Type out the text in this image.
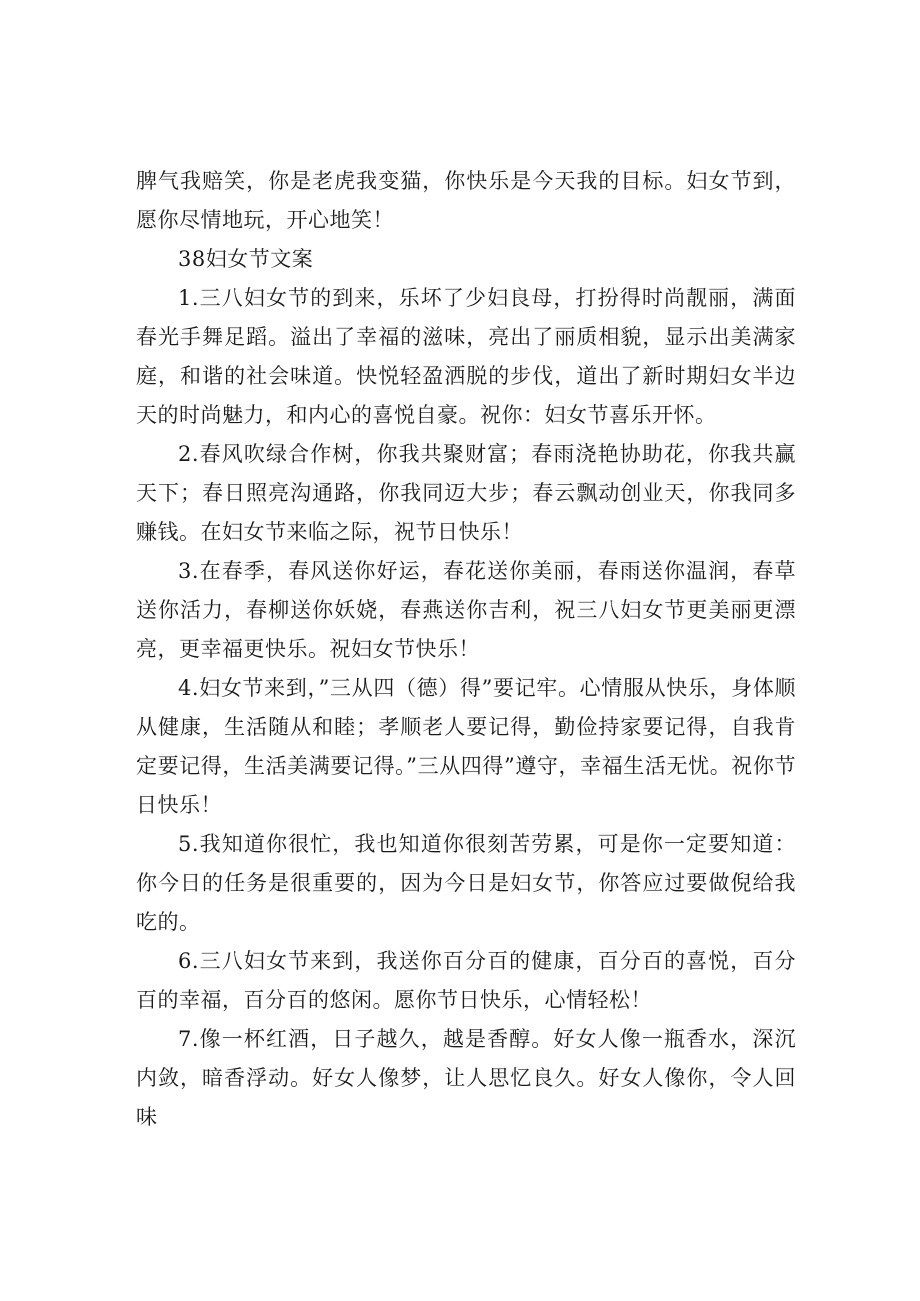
脾气我赔笑，你是老虎我变猫，你快乐是今天我的目标。妇女节到，愿你尽情地玩，开心地笑！

38妇女节文案

1.三八妇女节的到来，乐坏了少妇良母，打扮得时尚靓丽，满面春光手舞足蹈。溢出了幸福的滋味，亮出了丽质相貌，显示出美满家庭，和谐的社会味道。快悦轻盈洒脱的步伐，道出了新时期妇女半边天的时尚魅力，和内心的喜悦自豪。祝你：妇女节喜乐开怀。

2.春风吹绿合作树，你我共聚财富；春雨浇艳协助花，你我共赢天下；春日照亮沟通路，你我同迈大步；春云飘动创业天，你我同多赚钱。在妇女节来临之际，祝节日快乐！

3.在春季，春风送你好运，春花送你美丽，春雨送你温润，春草送你活力，春柳送你妖娆，春燕送你吉利，祝三八妇女节更美丽更漂亮，更幸福更快乐。祝妇女节快乐！

4.妇女节来到，”三从四（德）得”要记牢。心情服从快乐，身体顺从健康，生活随从和睦；孝顺老人要记得，勤俭持家要记得，自我肯定要记得，生活美满要记得。”三从四得”遵守，幸福生活无忧。祝你节日快乐！

5.我知道你很忙，我也知道你很刻苦劳累，可是你一定要知道：你今日的任务是很重要的，因为今日是妇女节，你答应过要做倪给我吃的。

6.三八妇女节来到，我送你百分百的健康，百分百的喜悦，百分百的幸福，百分百的悠闲。愿你节日快乐，心情轻松！

7.像一杯红酒，日子越久，越是香醇。好女人像一瓶香水，深沉内敛，暗香浮动。好女人像梦，让人思忆良久。好女人像你，令人回味
